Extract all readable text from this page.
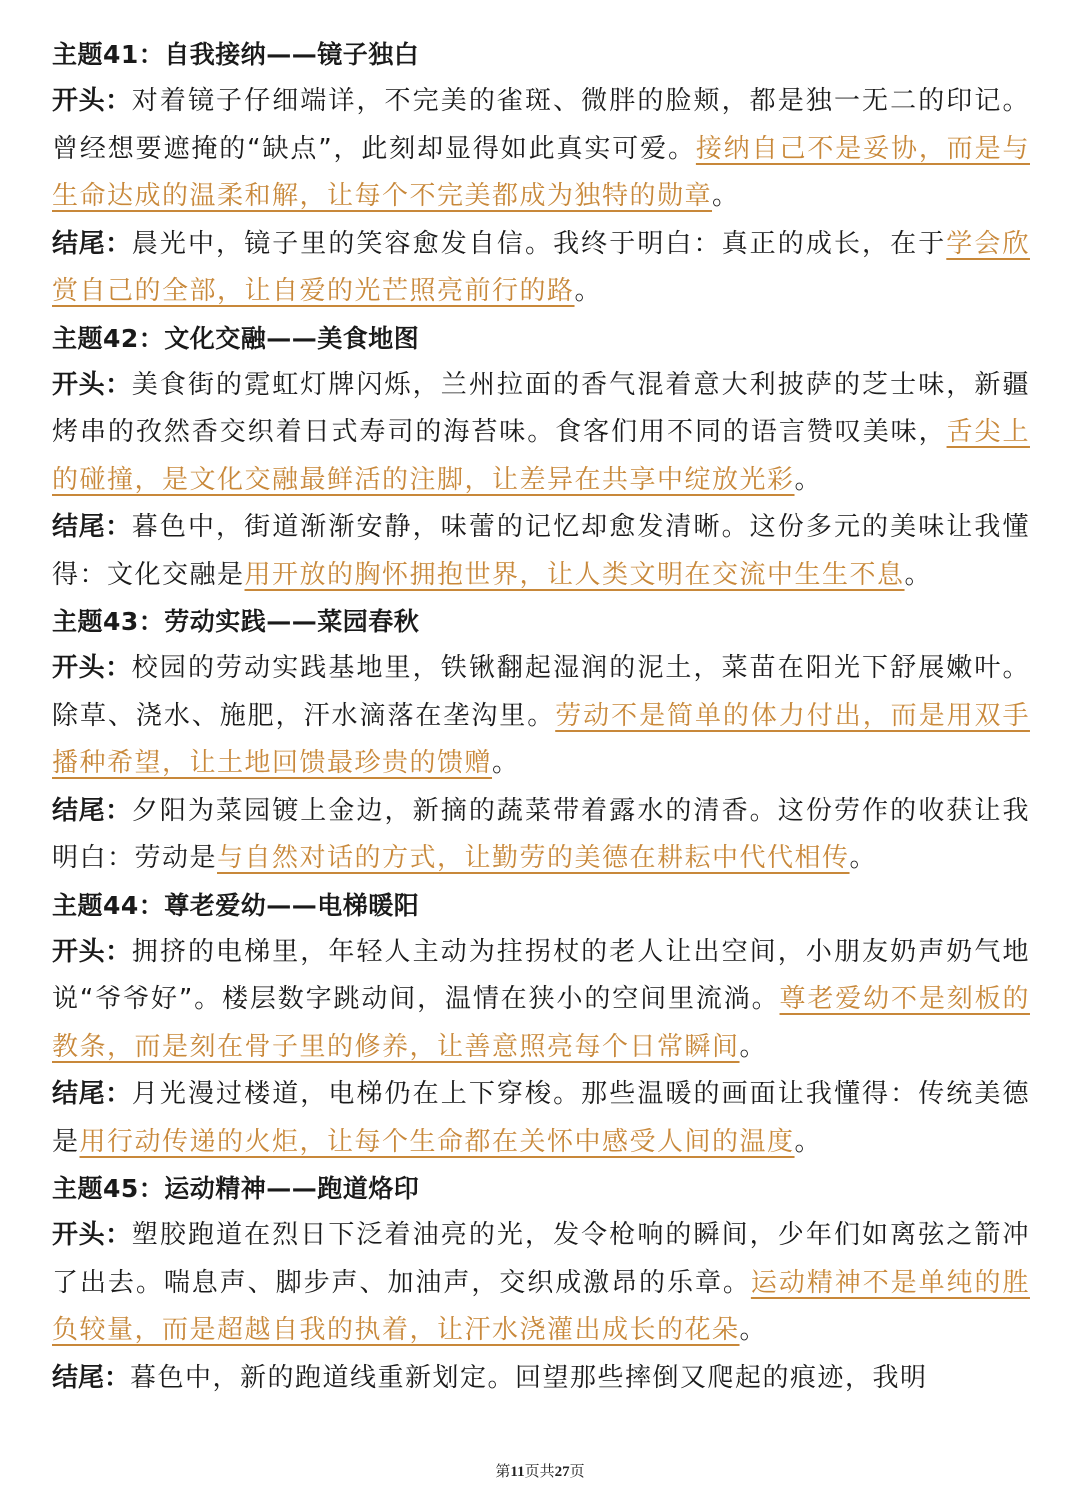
主题41：自我接纳——镜子独白
开头：对着镜子仔细端详，不完美的雀斑、微胖的脸颊，都是独一无二的印记。曾经想要遮掩的“缺点”，此刻却显得如此真实可爱。接纳自己不是妥协，而是与生命达成的温柔和解，让每个不完美都成为独特的勋章。
结尾：晨光中，镜子里的笑容愈发自信。我终于明白：真正的成长，在于学会欣赏自己的全部，让自爱的光芒照亮前行的路。
主题42：文化交融——美食地图
开头：美食街的霓虹灯牌闪烁，兰州拉面的香气混着意大利披萨的芝士味，新疆烤串的孜然香交织着日式寿司的海苔味。食客们用不同的语言赞叹美味，舌尖上的碰撞，是文化交融最鲜活的注脚，让差异在共享中绽放光彩。
结尾：暮色中，街道渐渐安静，味蕾的记忆却愈发清晰。这份多元的美味让我懂得：文化交融是用开放的胸怀拥抱世界，让人类文明在交流中生生不息。
主题43：劳动实践——菜园春秋
开头：校园的劳动实践基地里，铁锹翻起湿润的泥土，菜苗在阳光下舒展嫩叶。除草、浇水、施肥，汗水滴落在垄沟里。劳动不是简单的体力付出，而是用双手播种希望，让土地回馈最珍贵的馈赠。
结尾：夕阳为菜园镀上金边，新摘的蔬菜带着露水的清香。这份劳作的收获让我明白：劳动是与自然对话的方式，让勤劳的美德在耕耘中代代相传。
主题44：尊老爱幼——电梯暖阳
开头：拥挤的电梯里，年轻人主动为拄拐杖的老人让出空间，小朋友奶声奶气地说“爷爷好”。楼层数字跳动间，温情在狭小的空间里流淌。尊老爱幼不是刻板的教条，而是刻在骨子里的修养，让善意照亮每个日常瞬间。
结尾：月光漫过楼道，电梯仍在上下穿梭。那些温暖的画面让我懂得：传统美德是用行动传递的火炬，让每个生命都在关怀中感受人间的温度。
主题45：运动精神——跑道烙印
开头：塑胶跑道在烈日下泛着油亮的光，发令枪响的瞬间，少年们如离弦之箭冲了出去。喘息声、脚步声、加油声，交织成激昂的乐章。运动精神不是单纯的胜负较量，而是超越自我的执着，让汗水浇灌出成长的花朵。
结尾：暮色中，新的跑道线重新划定。回望那些摔倒又爬起的痕迹，我明
第11页共27页
